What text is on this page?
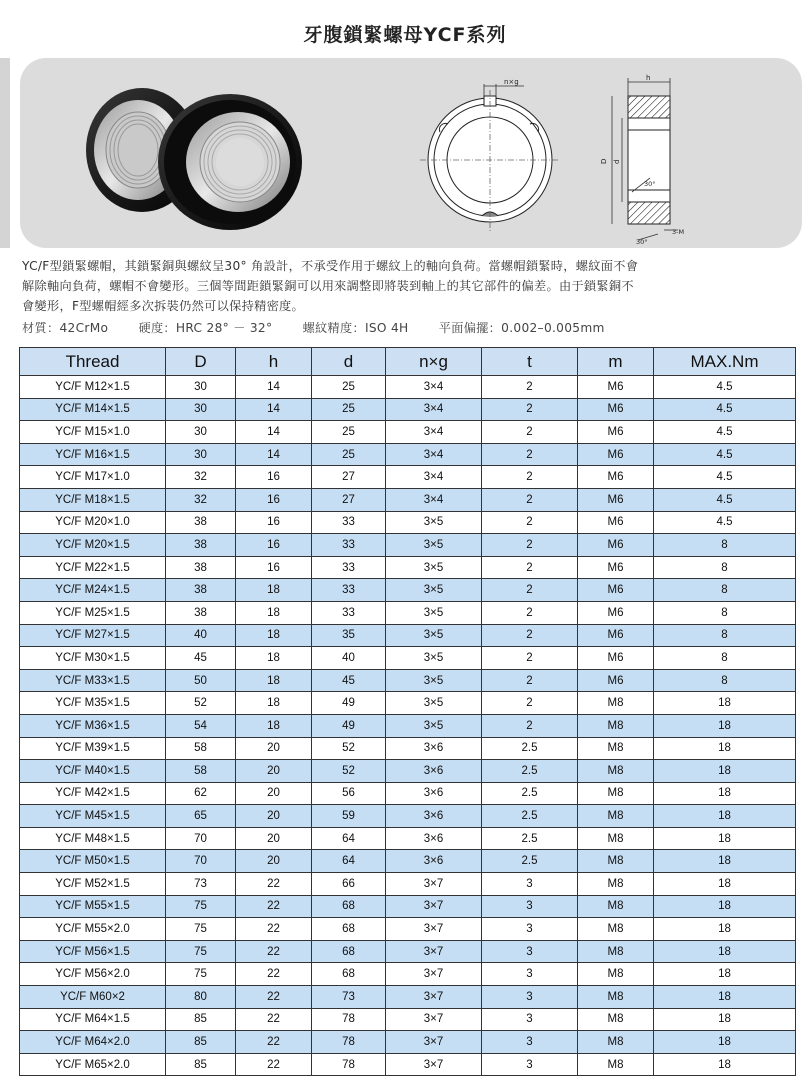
牙腹鎖緊螺母YCF系列
n×g	h
D d
30°
30°
3-M

YC/F型鎖緊螺帽，其鎖緊銅與螺紋呈30° 角設計，不承受作用于螺紋上的軸向負荷。當螺帽鎖緊時，螺紋面不會

解除軸向負荷，螺帽不會變形。三個等間距鎖緊銅可以用來調整即將裝到軸上的其它部件的偏差。由于鎖緊銅不

會變形，F型螺帽經多次拆裝仍然可以保持精密度。

材質：42CrMo 硬度：HRC 28° － 32° 螺紋精度：ISO 4H 平面偏擺：0.002–0.005mm
Thread	D	h	d	n×g	t	m	MAX.Nm
YC/F M12×1.5	30	14	25	3×4	2	M6	4.5
YC/F M14×1.5	30	14	25	3×4	2	M6	4.5
YC/F M15×1.0	30	14	25	3×4	2	M6	4.5
YC/F M16×1.5	30	14	25	3×4	2	M6	4.5
YC/F M17×1.0	32	16	27	3×4	2	M6	4.5
YC/F M18×1.5	32	16	27	3×4	2	M6	4.5
YC/F M20×1.0	38	16	33	3×5	2	M6	4.5
YC/F M20×1.5	38	16	33	3×5	2	M6	8
YC/F M22×1.5	38	16	33	3×5	2	M6	8
YC/F M24×1.5	38	18	33	3×5	2	M6	8
YC/F M25×1.5	38	18	33	3×5	2	M6	8
YC/F M27×1.5	40	18	35	3×5	2	M6	8
YC/F M30×1.5	45	18	40	3×5	2	M6	8
YC/F M33×1.5	50	18	45	3×5	2	M6	8
YC/F M35×1.5	52	18	49	3×5	2	M8	18
YC/F M36×1.5	54	18	49	3×5	2	M8	18
YC/F M39×1.5	58	20	52	3×6	2.5	M8	18
YC/F M40×1.5	58	20	52	3×6	2.5	M8	18
YC/F M42×1.5	62	20	56	3×6	2.5	M8	18
YC/F M45×1.5	65	20	59	3×6	2.5	M8	18
YC/F M48×1.5	70	20	64	3×6	2.5	M8	18
YC/F M50×1.5	70	20	64	3×6	2.5	M8	18
YC/F M52×1.5	73	22	66	3×7	3	M8	18
YC/F M55×1.5	75	22	68	3×7	3	M8	18
YC/F M55×2.0	75	22	68	3×7	3	M8	18
YC/F M56×1.5	75	22	68	3×7	3	M8	18
YC/F M56×2.0	75	22	68	3×7	3	M8	18
YC/F M60×2	80	22	73	3×7	3	M8	18
YC/F M64×1.5	85	22	78	3×7	3	M8	18
YC/F M64×2.0	85	22	78	3×7	3	M8	18
YC/F M65×2.0	85	22	78	3×7	3	M8	18
